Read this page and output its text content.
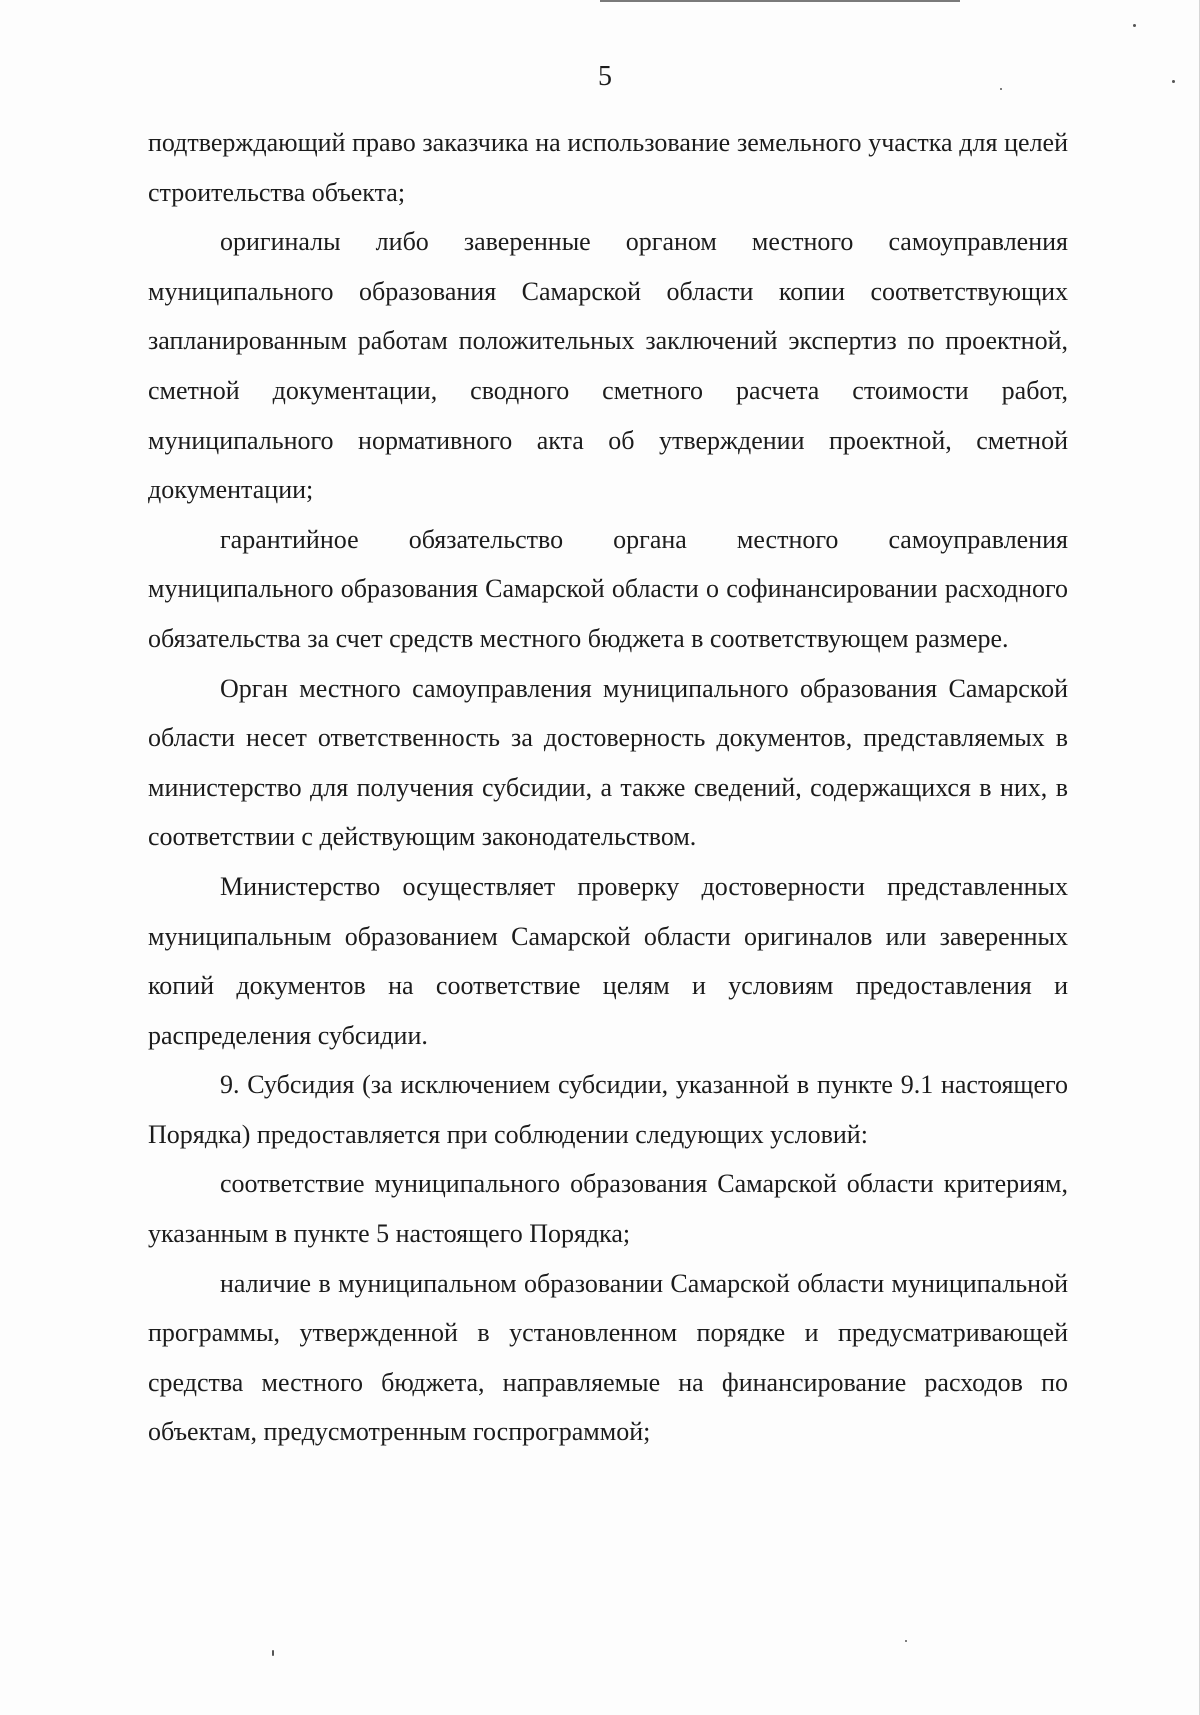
5

подтверждающий право заказчика на использование земельного участка для целей строительства объекта;

оригиналы либо заверенные органом местного самоуправления муниципального образования Самарской области копии соответствующих запланированным работам положительных заключений экспертиз по проектной, сметной документации, сводного сметного расчета стоимости работ, муниципального нормативного акта об утверждении проектной, сметной документации;

гарантийное обязательство органа местного самоуправления муниципального образования Самарской области о софинансировании расходного обязательства за счет средств местного бюджета в соответствующем размере.

Орган местного самоуправления муниципального образования Самарской области несет ответственность за достоверность документов, представляемых в министерство для получения субсидии, а также сведений, содержащихся в них, в соответствии с действующим законодательством.

Министерство осуществляет проверку достоверности представленных муниципальным образованием Самарской области оригиналов или заверенных копий документов на соответствие целям и условиям предоставления и распределения субсидии.

9. Субсидия (за исключением субсидии, указанной в пункте 9.1 настоящего Порядка) предоставляется при соблюдении следующих условий:

соответствие муниципального образования Самарской области критериям, указанным в пункте 5 настоящего Порядка;

наличие в муниципальном образовании Самарской области муниципальной программы, утвержденной в установленном порядке и предусматривающей средства местного бюджета, направляемые на финансирование расходов по объектам, предусмотренным госпрограммой;
